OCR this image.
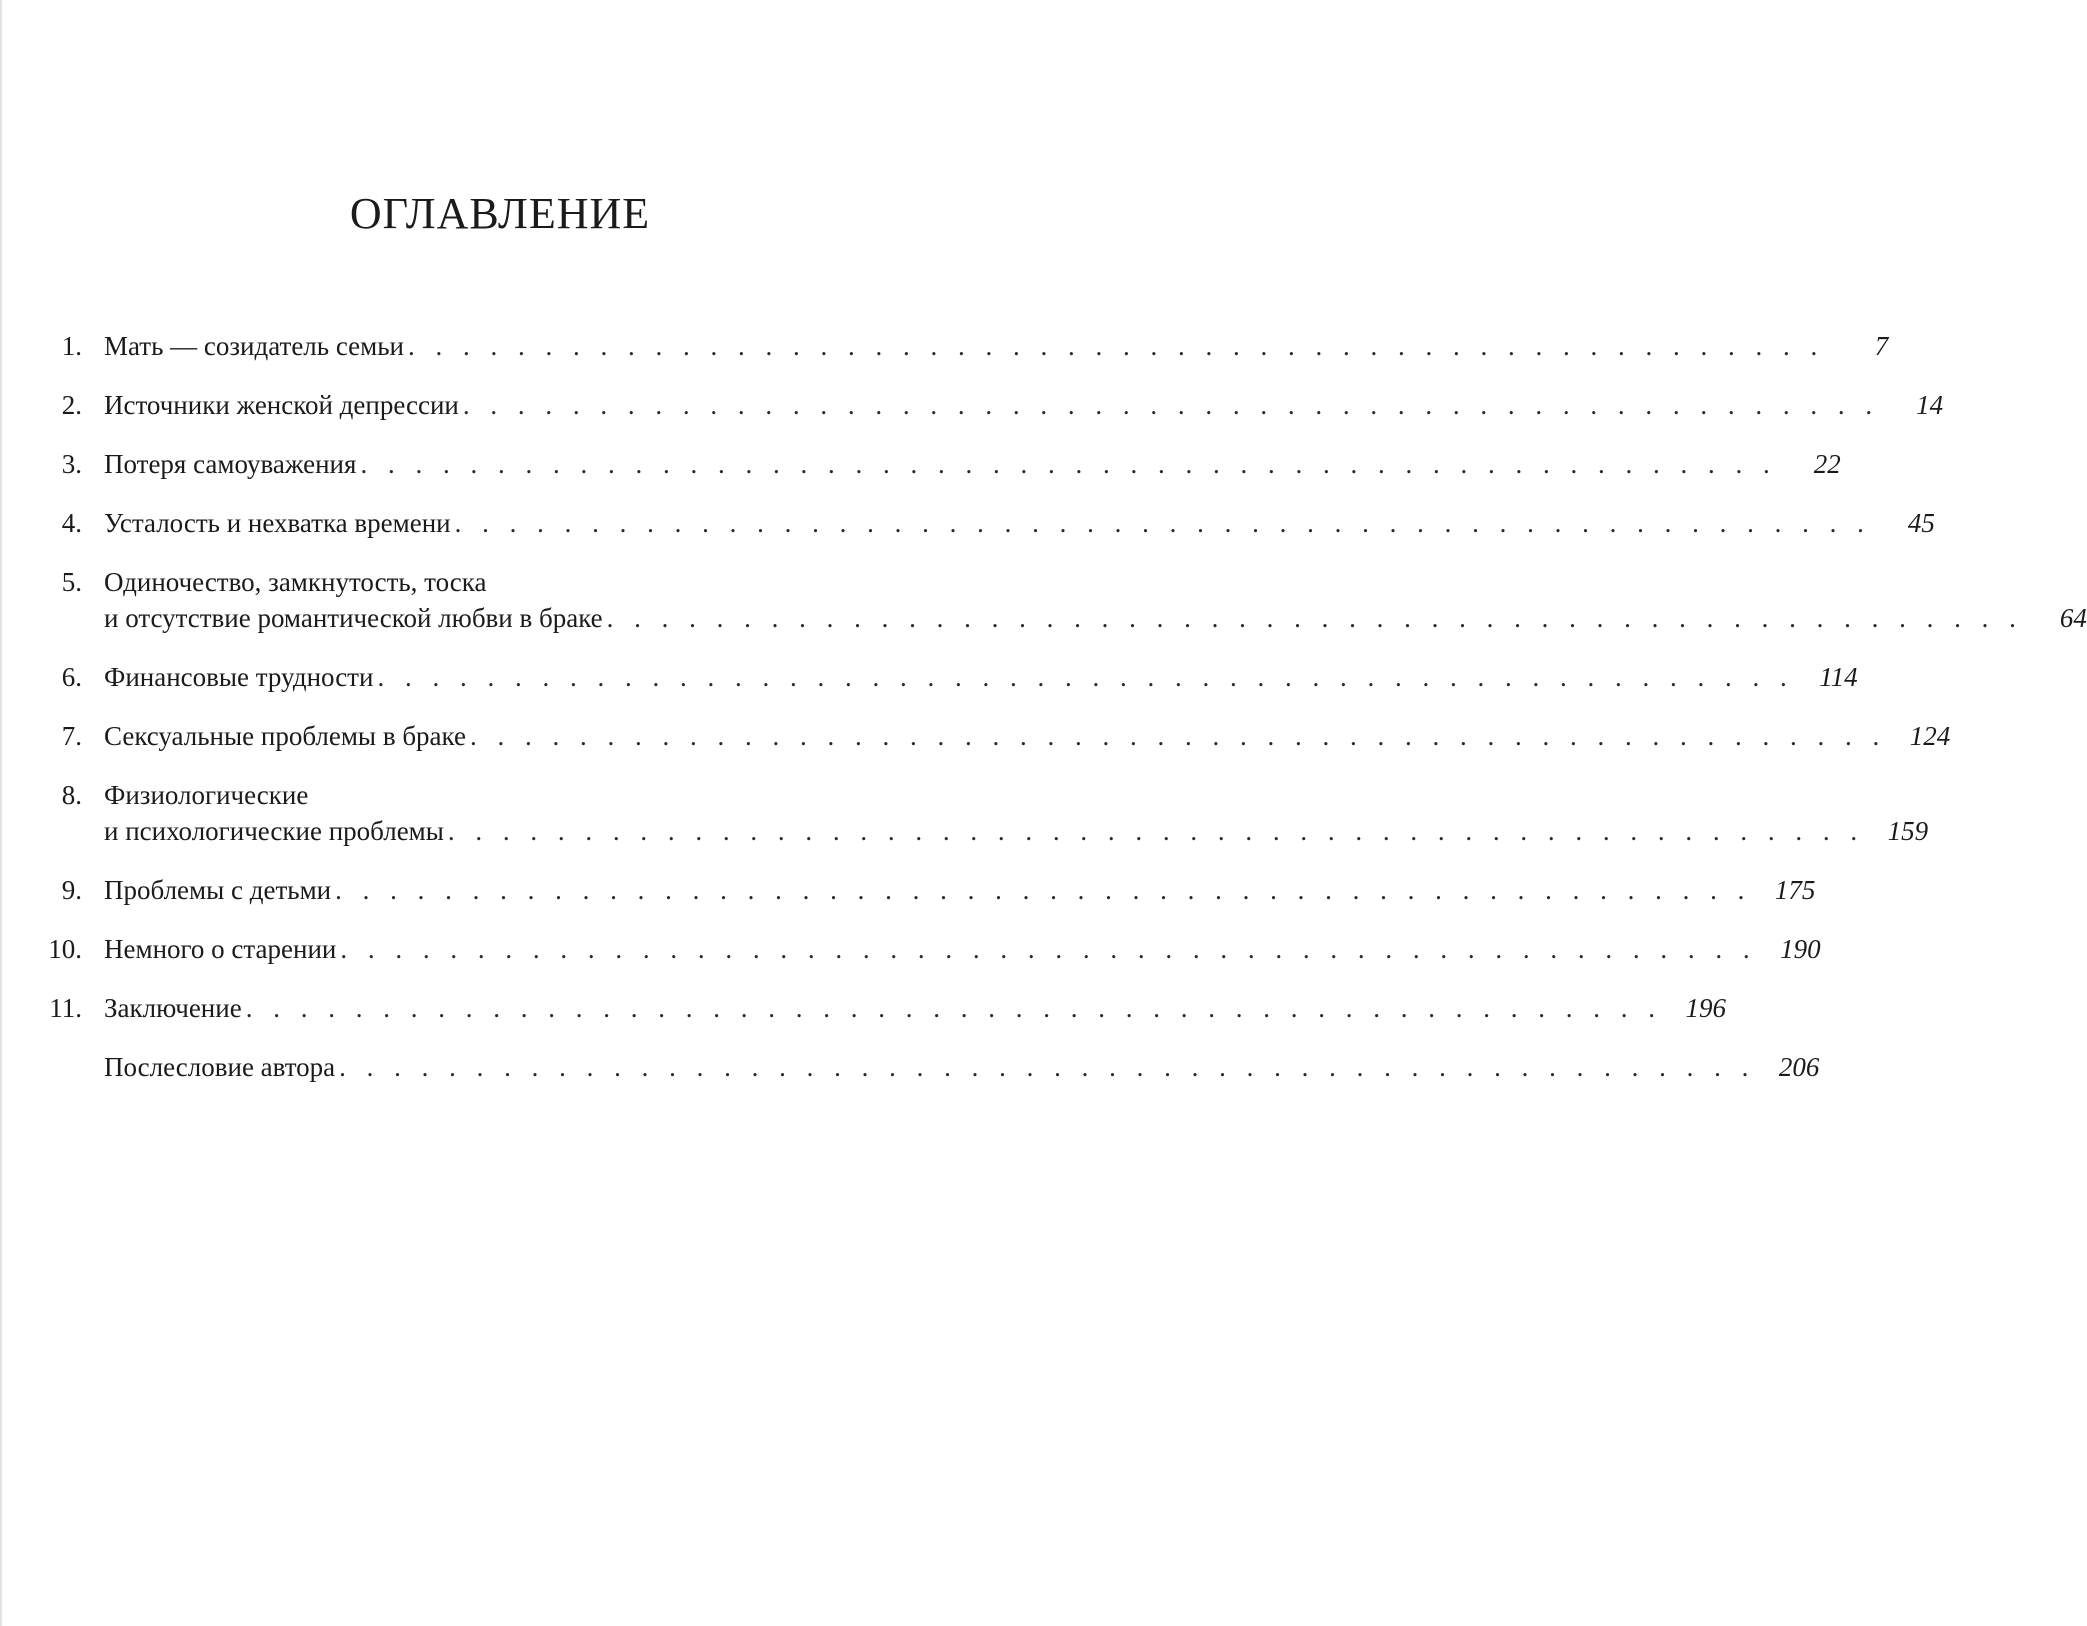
ОГЛАВЛЕНИЕ
1. Мать — созидатель семьи . . . . . . . . . . . . . . . . . . . . . . . . . . . . . . . . . . . . . . . . . . . . . . . . . . . .	7
2. Источники женской депрессии . . . . . . . . . . . . . . . . . . . . . . . . . . . . . . . . . . . . . . . . . . . . . . . . . . . .	14
3. Потеря самоуважения . . . . . . . . . . . . . . . . . . . . . . . . . . . . . . . . . . . . . . . . . . . . . . . . . . . .	22
4. Усталость и нехватка времени . . . . . . . . . . . . . . . . . . . . . . . . . . . . . . . . . . . . . . . . . . . . . . . . . . . .	45
5. Одиночество, замкнутость, тоска
и отсутствие романтической любви в браке . . . . . . . . . . . . . . . . . . . . . . . . . . . . . . . . . . . . . . . . . . . . . . . . . . . .	64
6. Финансовые трудности . . . . . . . . . . . . . . . . . . . . . . . . . . . . . . . . . . . . . . . . . . . . . . . . . . . . 114
7. Сексуальные проблемы в браке . . . . . . . . . . . . . . . . . . . . . . . . . . . . . . . . . . . . . . . . . . . . . . . . . . . . 124
8. Физиологические
и психологические проблемы . . . . . . . . . . . . . . . . . . . . . . . . . . . . . . . . . . . . . . . . . . . . . . . . . . . . 159
9. Проблемы с детьми . . . . . . . . . . . . . . . . . . . . . . . . . . . . . . . . . . . . . . . . . . . . . . . . . . . . 175
10. Немного о старении . . . . . . . . . . . . . . . . . . . . . . . . . . . . . . . . . . . . . . . . . . . . . . . . . . . . 190
11. Заключение . . . . . . . . . . . . . . . . . . . . . . . . . . . . . . . . . . . . . . . . . . . . . . . . . . . . 196
Послесловие автора . . . . . . . . . . . . . . . . . . . . . . . . . . . . . . . . . . . . . . . . . . . . . . . . . . . . 206
